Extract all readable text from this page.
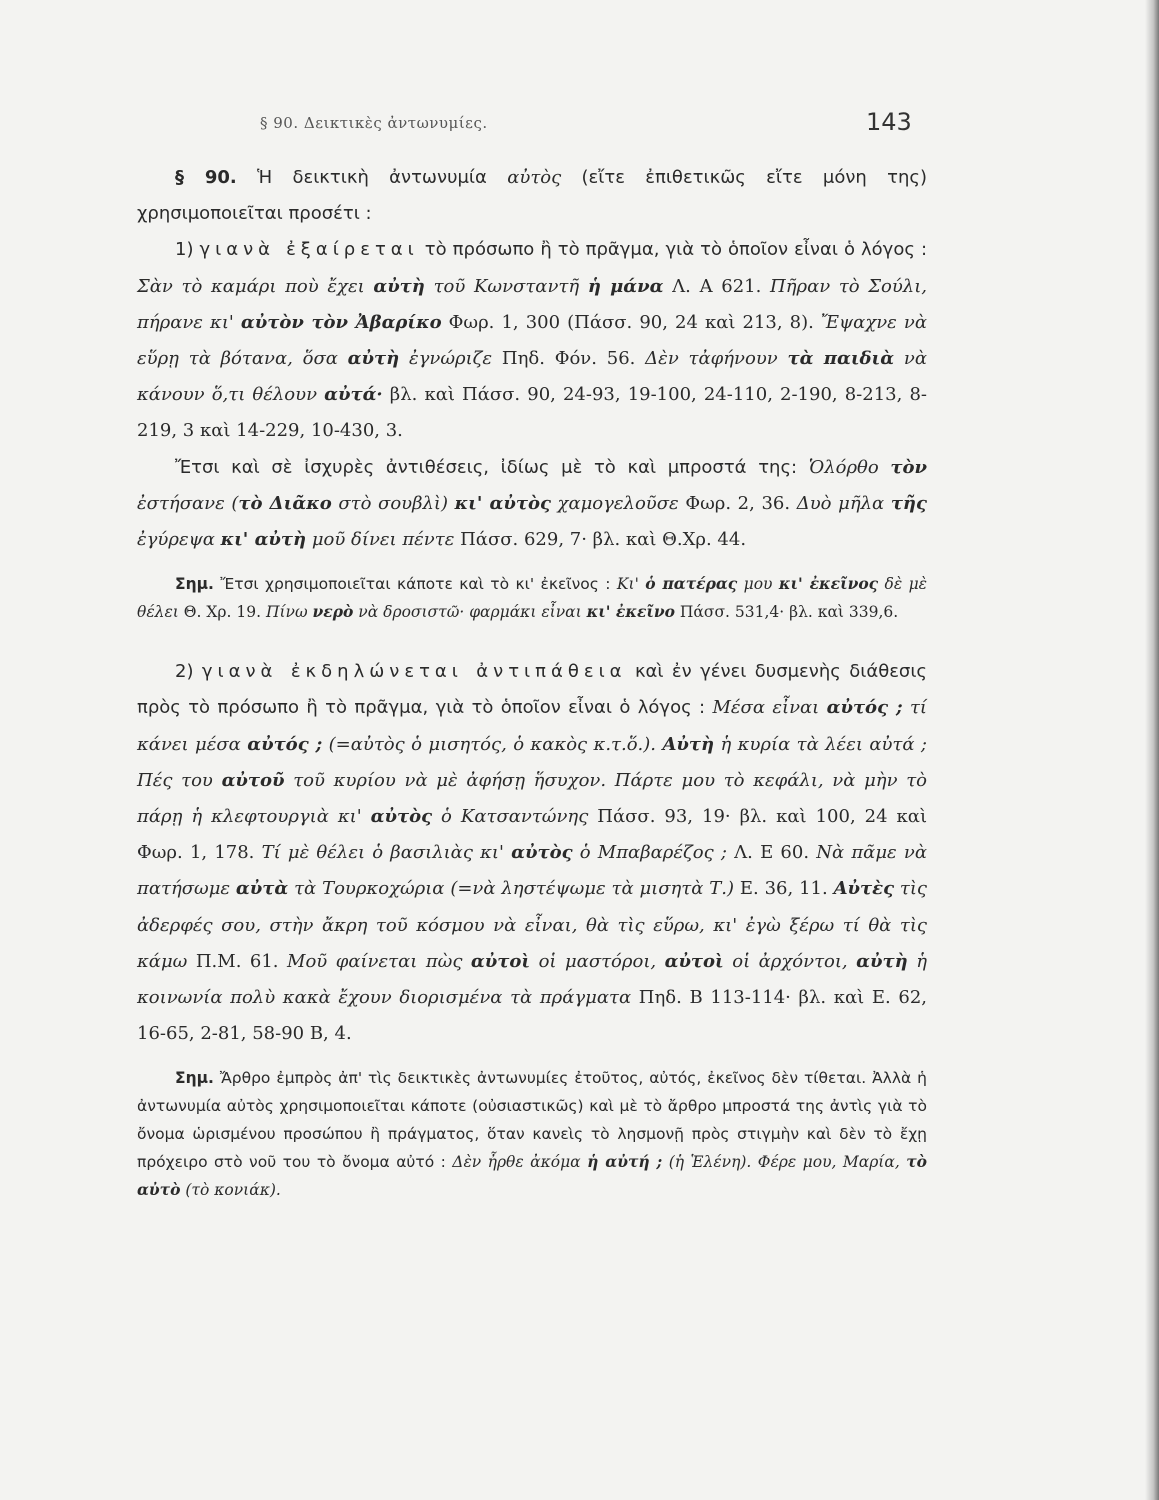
§ 90. Δεικτικὲς ἀντωνυμίες.	143

§ 90. Ἡ δεικτικὴ ἀντωνυμία αὐτὸς (εἴτε ἐπιθετικῶς εἴτε μόνη της) χρησιμοποιεῖται προσέτι :

1) γιανὰ ἐξαίρεται τὸ πρόσωπο ἢ τὸ πρᾶγμα, γιὰ τὸ ὁποῖον εἶναι ὁ λόγος : Σὰν τὸ καμάρι ποὺ ἔχει αὐτὴ τοῦ Κωνσταντῆ ἡ μάνα Λ. Α 621. Πῆραν τὸ Σούλι, πήρανε κι' αὐτὸν τὸν Ἀβαρίκο Φωρ. 1, 300 (Πάσσ. 90, 24 καὶ 213, 8). Ἔψαχνε νὰ εὕρῃ τὰ βότανα, ὅσα αὐτὴ ἐγνώριζε Πηδ. Φόν. 56. Δὲν τἀφήνουν τὰ παιδιὰ νὰ κάνουν ὅ,τι θέλουν αὐτά· βλ. καὶ Πάσσ. 90, 24-93, 19-100, 24-110, 2-190, 8-213, 8-219, 3 καὶ 14-229, 10-430, 3.

Ἔτσι καὶ σὲ ἰσχυρὲς ἀντιθέσεις, ἰδίως μὲ τὸ καὶ μπροστά της: Ὁλόρθο τὸν ἐστήσανε (τὸ Διᾶκο στὸ σουβλὶ) κι' αὐτὸς χαμογελοῦσε Φωρ. 2, 36. Δυὸ μῆλα τῆς ἐγύρεψα κι' αὐτὴ μοῦ δίνει πέντε Πάσσ. 629, 7· βλ. καὶ Θ.Χρ. 44.

Σημ. Ἔτσι χρησιμοποιεῖται κάποτε καὶ τὸ κι' ἐκεῖνος : Κι' ὁ πατέρας μου κι' ἐκεῖνος δὲ μὲ θέλει Θ. Χρ. 19. Πίνω νερὸ νὰ δροσιστῶ· φαρμάκι εἶναι κι' ἐκεῖνο Πάσσ. 531,4· βλ. καὶ 339,6.

2) γιανὰ ἐκδηλώνεται ἀντιπάθεια καὶ ἐν γένει δυσμενὴς διάθεσις πρὸς τὸ πρόσωπο ἢ τὸ πρᾶγμα, γιὰ τὸ ὁποῖον εἶναι ὁ λόγος : Μέσα εἶναι αὐτός ; τί κάνει μέσα αὐτός ; (=αὐτὸς ὁ μισητός, ὁ κακὸς κ.τ.ὅ.). Αὐτὴ ἡ κυρία τὰ λέει αὐτά ; Πές του αὐτοῦ τοῦ κυρίου νὰ μὲ ἀφήσῃ ἥσυχον. Πάρτε μου τὸ κεφάλι, νὰ μὴν τὸ πάρῃ ἡ κλεφτουργιὰ κι' αὐτὸς ὁ Κατσαντώνης Πάσσ. 93, 19· βλ. καὶ 100, 24 καὶ Φωρ. 1, 178. Τί μὲ θέλει ὁ βασιλιὰς κι' αὐτὸς ὁ Μπαβαρέζος ; Λ. Ε 60. Νὰ πᾶμε νὰ πατήσωμε αὐτὰ τὰ Τουρκοχώρια (=νὰ ληστέψωμε τὰ μισητὰ Τ.) Ε. 36, 11. Αὐτὲς τὶς ἀδερφές σου, στὴν ἄκρη τοῦ κόσμου νὰ εἶναι, θὰ τὶς εὕρω, κι' ἐγὼ ξέρω τί θὰ τὶς κάμω Π.Μ. 61. Μοῦ φαίνεται πὼς αὐτοὶ οἱ μαστόροι, αὐτοὶ οἱ ἀρχόντοι, αὐτὴ ἡ κοινωνία πολὺ κακὰ ἔχουν διορισμένα τὰ πράγματα Πηδ. Β 113-114· βλ. καὶ Ε. 62, 16-65, 2-81, 58-90 Β, 4.

Σημ. Ἄρθρο ἐμπρὸς ἀπ' τὶς δεικτικὲς ἀντωνυμίες ἐτοῦτος, αὐτός, ἐκεῖνος δὲν τίθεται. Ἀλλὰ ἡ ἀντωνυμία αὐτὸς χρησιμοποιεῖται κάποτε (οὐσιαστικῶς) καὶ μὲ τὸ ἄρθρο μπροστά της ἀντὶς γιὰ τὸ ὄνομα ὡρισμένου προσώπου ἢ πράγματος, ὅταν κανεὶς τὸ λησμονῇ πρὸς στιγμὴν καὶ δὲν τὸ ἔχῃ πρόχειρο στὸ νοῦ του τὸ ὄνομα αὐτό : Δὲν ἦρθε ἀκόμα ἡ αὐτή ; (ἡ Ἑλένη). Φέρε μου, Μαρία, τὸ αὐτὸ (τὸ κονιάκ).
